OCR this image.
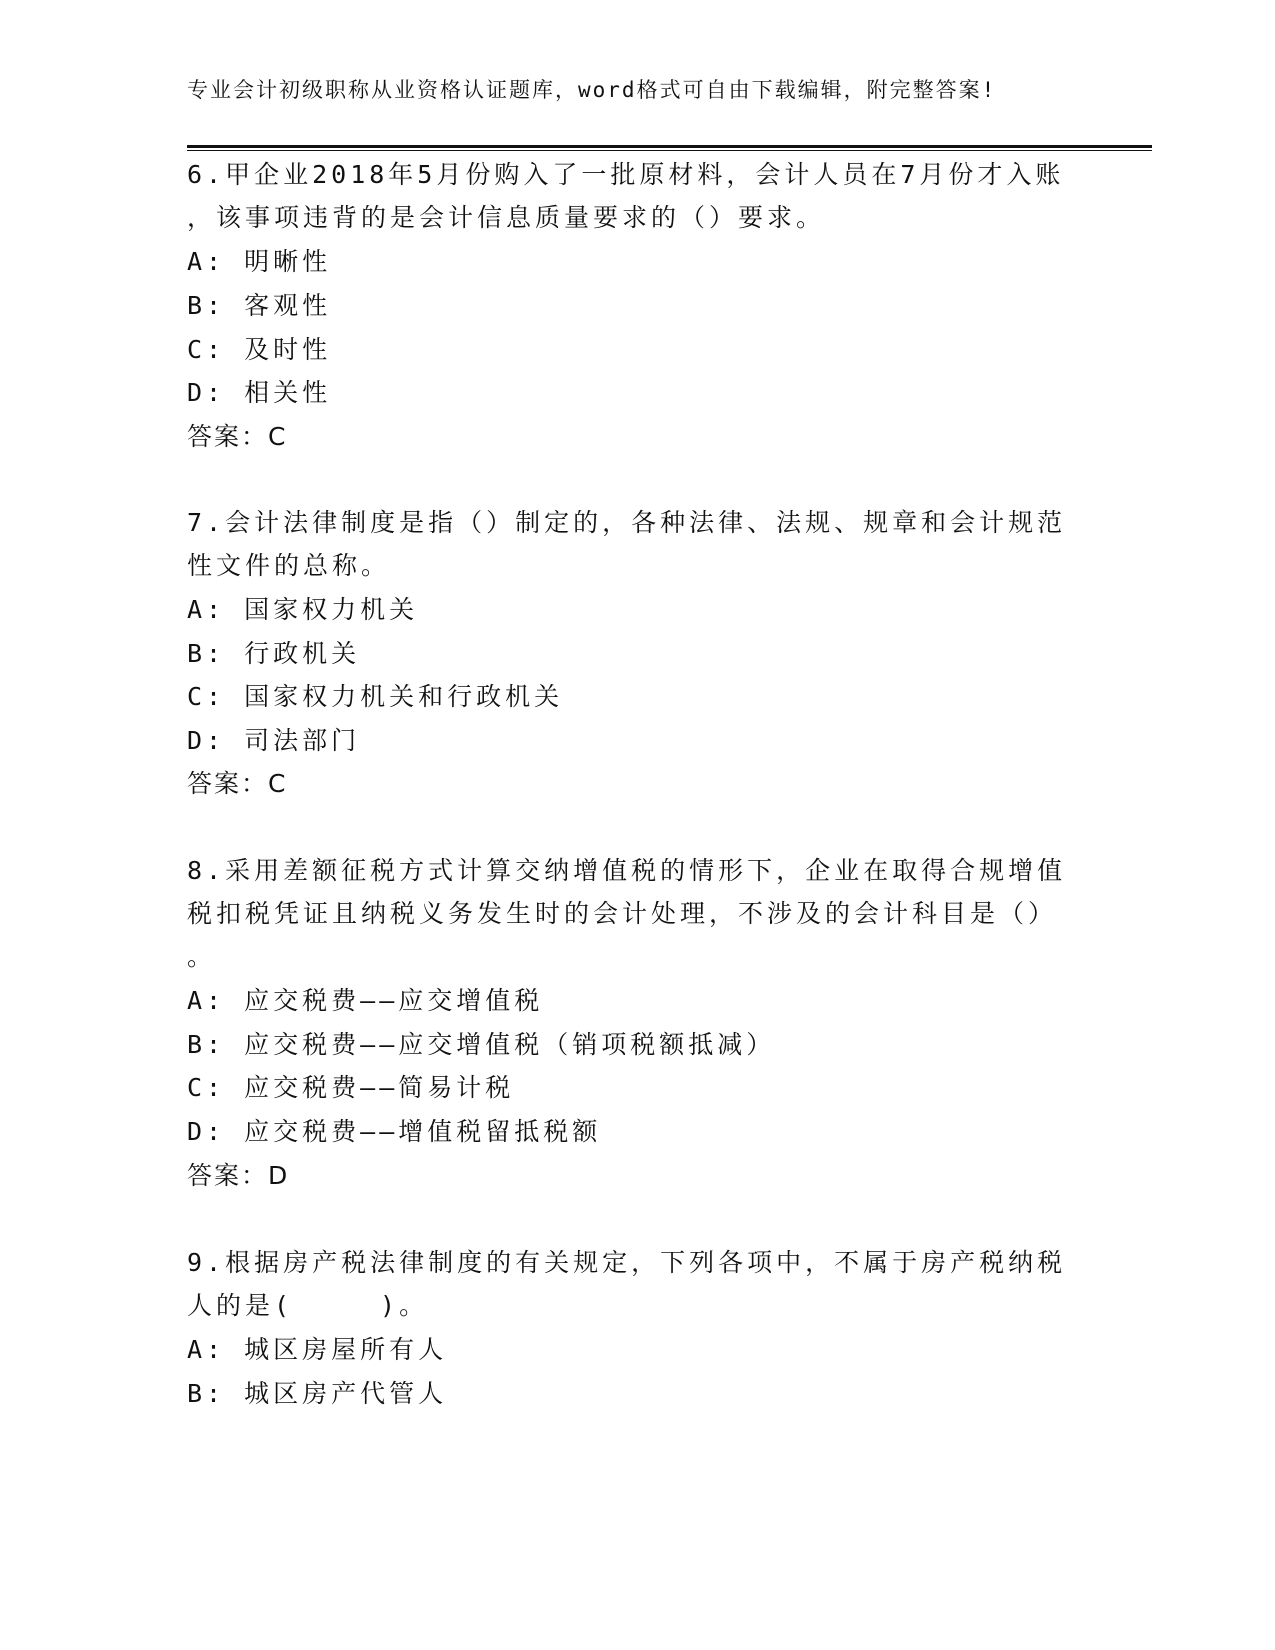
专业会计初级职称从业资格认证题库，word格式可自由下载编辑，附完整答案!
6.甲企业2018年5月份购入了一批原材料，会计人员在7月份才入账
，该事项违背的是会计信息质量要求的（）要求。
A: 明晰性
B: 客观性
C: 及时性
D: 相关性
答案：C
7.会计法律制度是指（）制定的，各种法律、法规、规章和会计规范
性文件的总称。
A: 国家权力机关
B: 行政机关
C: 国家权力机关和行政机关
D: 司法部门
答案：C
8.采用差额征税方式计算交纳增值税的情形下，企业在取得合规增值
税扣税凭证且纳税义务发生时的会计处理，不涉及的会计科目是（）
。
A: 应交税费——应交增值税
B: 应交税费——应交增值税（销项税额抵减）
C: 应交税费——简易计税
D: 应交税费——增值税留抵税额
答案：D
9.根据房产税法律制度的有关规定，下列各项中，不属于房产税纳税
人的是(　　　)。
A: 城区房屋所有人
B: 城区房产代管人
